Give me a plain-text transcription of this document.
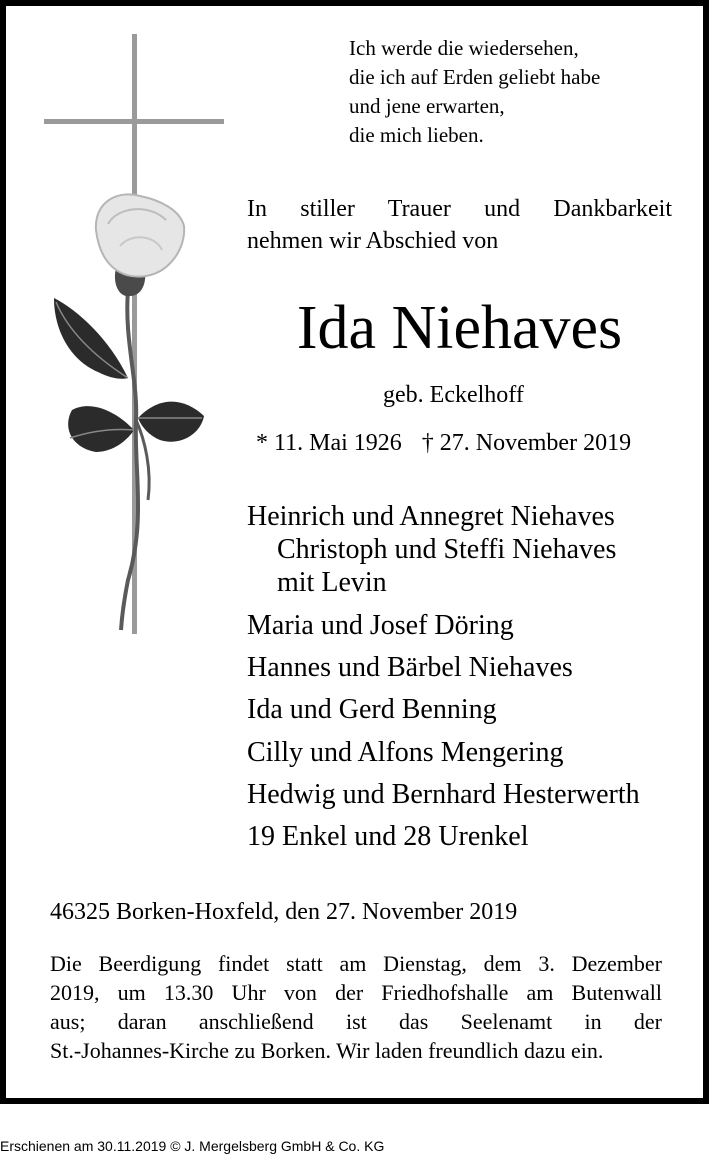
Ich werde die wiedersehen,
die ich auf Erden geliebt habe
und jene erwarten,
die mich lieben.
In stiller Trauer und Dankbarkeit
nehmen wir Abschied von
Ida Niehaves
geb. Eckelhoff
* 11. Mai 1926 † 27. November 2019
Heinrich und Annegret Niehaves
Christoph und Steffi Niehaves
mit Levin
Maria und Josef Döring
Hannes und Bärbel Niehaves
Ida und Gerd Benning
Cilly und Alfons Mengering
Hedwig und Bernhard Hesterwerth
19 Enkel und 28 Urenkel
46325 Borken-Hoxfeld, den 27. November 2019
Die Beerdigung findet statt am Dienstag, dem 3. Dezember
2019, um 13.30 Uhr von der Friedhofshalle am Butenwall
aus; daran anschließend ist das Seelenamt in der
St.-Johannes-Kirche zu Borken. Wir laden freundlich dazu ein.
Erschienen am 30.11.2019 © J. Mergelsberg GmbH & Co. KG
